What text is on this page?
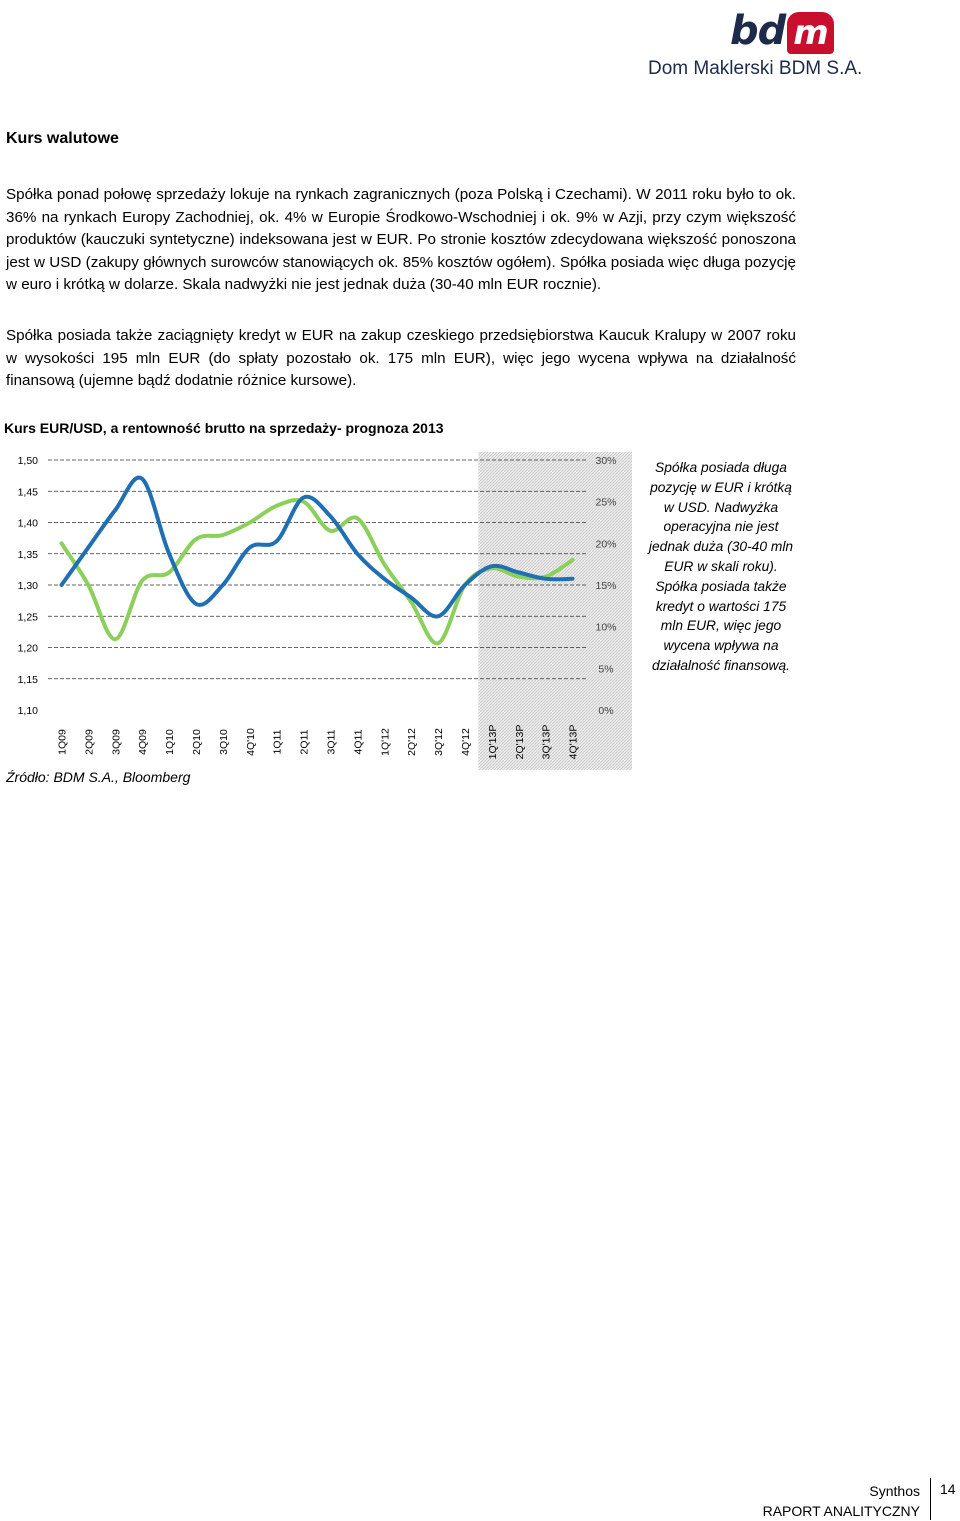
bd m
Dom Maklerski BDM S.A.
Kurs walutowe
Spółka ponad połowę sprzedaży lokuje na rynkach zagranicznych (poza Polską i Czechami). W 2011 roku było to ok. 36% na rynkach Europy Zachodniej, ok. 4% w Europie Środkowo-Wschodniej i ok. 9% w Azji, przy czym większość produktów (kauczuki syntetyczne) indeksowana jest w EUR. Po stronie kosztów zdecydowana większość ponoszona jest w USD (zakupy głównych surowców stanowiących ok. 85% kosztów ogółem). Spółka posiada więc długa pozycję w euro i krótką w dolarze. Skala nadwyżki nie jest jednak duża (30-40 mln EUR rocznie).
Spółka posiada także zaciągnięty kredyt w EUR na zakup czeskiego przedsiębiorstwa Kaucuk Kralupy w 2007 roku w wysokości 195 mln EUR (do spłaty pozostało ok. 175 mln EUR), więc jego wycena wpływa na działalność finansową (ujemne bądź dodatnie różnice kursowe).
Kurs EUR/USD, a rentowność brutto na sprzedaży- prognoza 2013
1,10
1,15
1,20
1,25
1,30
1,35
1,40
1,45
1,50
0%
5%
10%
15%
20%
25%
30%
1Q09 2Q09 3Q09 4Q09 1Q10 2Q10 3Q10 4Q'10 1Q11 2Q11 3Q11 4Q11 1Q'12 2Q'12 3Q'12 4Q'12 1Q'13P 2Q'13P 3Q'13P 4Q'13P
Spółka posiada długa pozycję w EUR i krótką w USD. Nadwyżka operacyjna nie jest jednak duża (30-40 mln EUR w skali roku). Spółka posiada także kredyt o wartości 175 mln EUR, więc jego wycena wpływa na działalność finansową.
Źródło: BDM S.A., Bloomberg
Synthos
RAPORT ANALITYCZNY
14
